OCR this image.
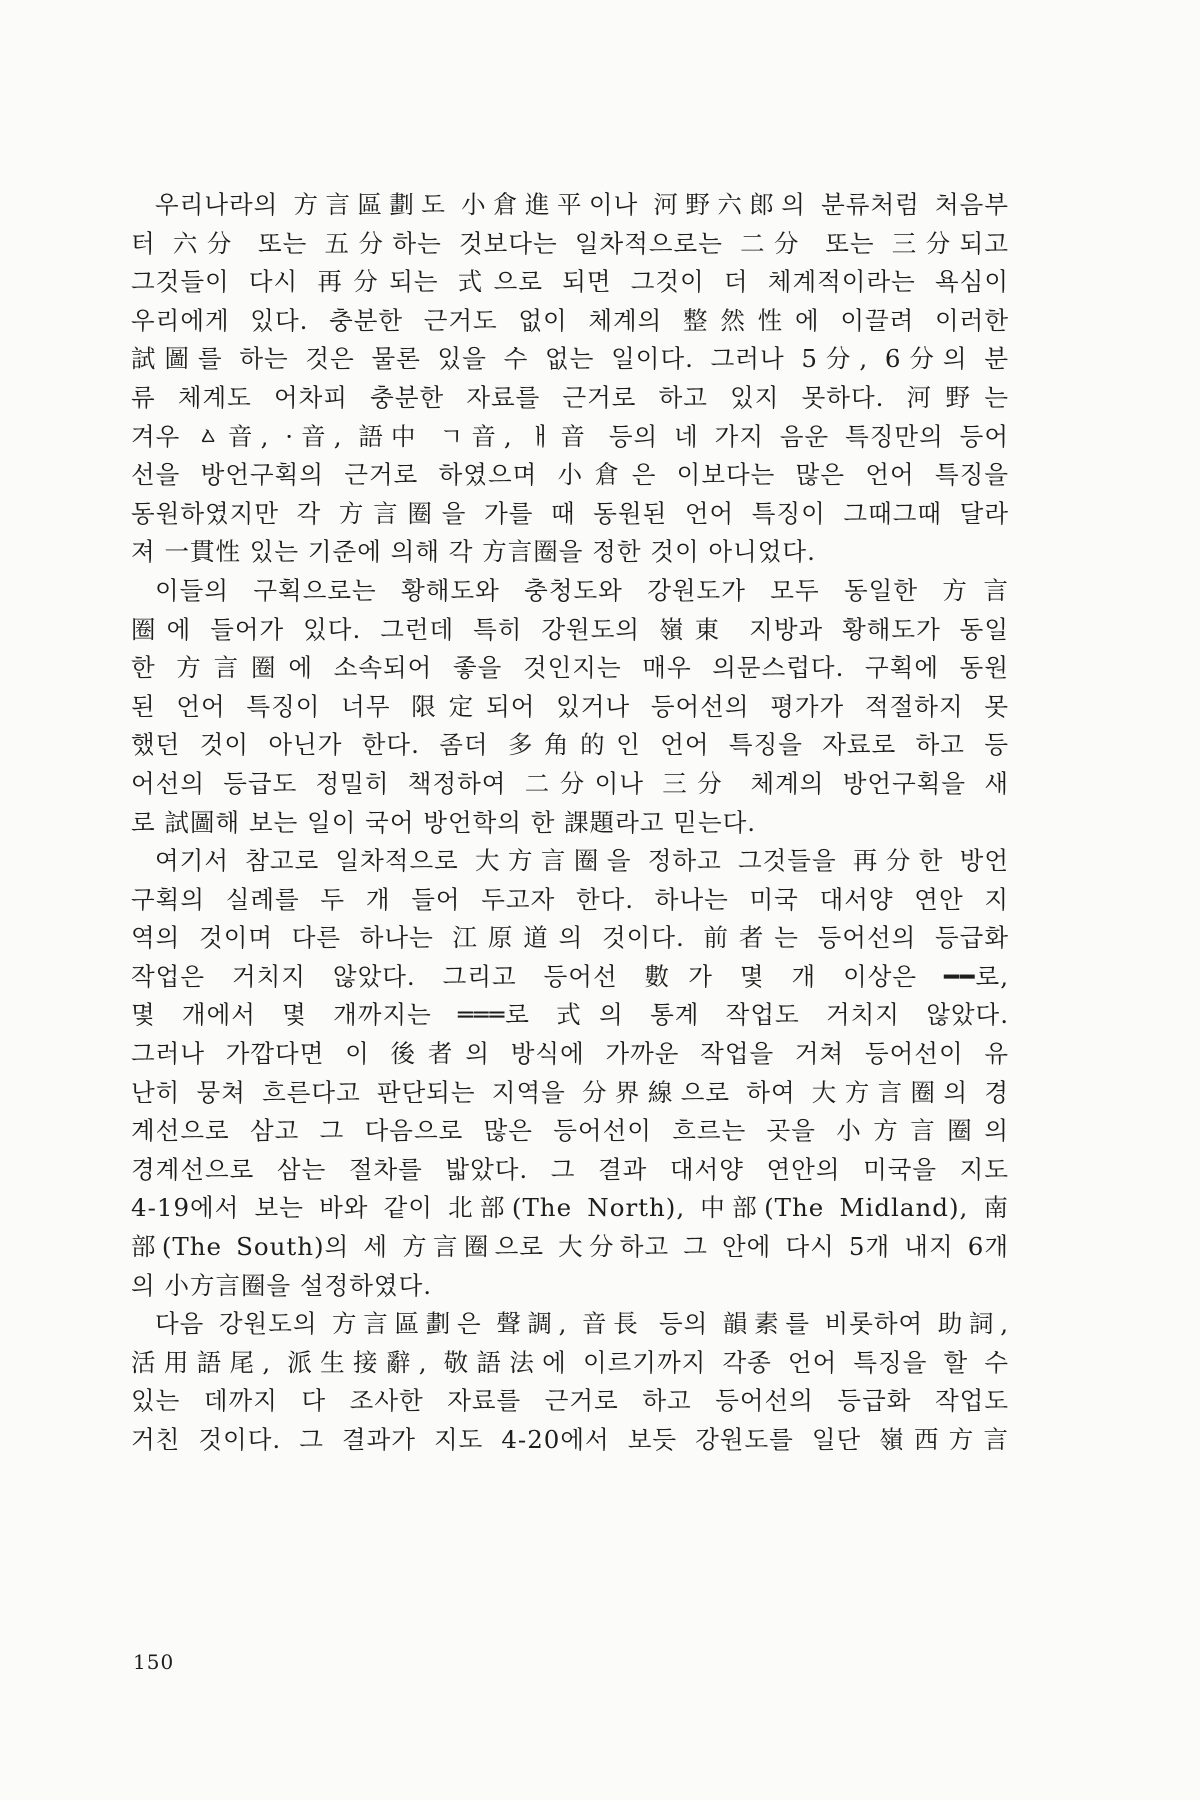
우리나라의 方言區劃도 小倉進平이나 河野六郎의 분류처럼 처음부
터 六分 또는 五分하는 것보다는 일차적으로는 二分 또는 三分되고
그것들이 다시 再分되는 式으로 되면 그것이 더 체계적이라는 욕심이
우리에게 있다. 충분한 근거도 없이 체계의 整然性에 이끌려 이러한
試圖를 하는 것은 물론 있을 수 없는 일이다. 그러나 5分, 6分의 분
류 체계도 어차피 충분한 자료를 근거로 하고 있지 못하다. 河野는
겨우 ㅿ音, ·音, 語中 ㄱ音, ㅐ音 등의 네 가지 음운 특징만의 등어
선을 방언구획의 근거로 하였으며 小倉은 이보다는 많은 언어 특징을
동원하였지만 각 方言圈을 가를 때 동원된 언어 특징이 그때그때 달라
져 一貫性 있는 기준에 의해 각 方言圈을 정한 것이 아니었다.
이들의 구획으로는 황해도와 충청도와 강원도가 모두 동일한 方言
圈에 들어가 있다. 그런데 특히 강원도의 嶺東 지방과 황해도가 동일
한 方言圈에 소속되어 좋을 것인지는 매우 의문스럽다. 구획에 동원
된 언어 특징이 너무 限定되어 있거나 등어선의 평가가 적절하지 못
했던 것이 아닌가 한다. 좀더 多角的인 언어 특징을 자료로 하고 등
어선의 등급도 정밀히 책정하여 二分이나 三分 체계의 방언구획을 새
로 試圖해 보는 일이 국어 방언학의 한 課題라고 믿는다.
여기서 참고로 일차적으로 大方言圈을 정하고 그것들을 再分한 방언
구획의 실례를 두 개 들어 두고자 한다. 하나는 미국 대서양 연안 지
역의 것이며 다른 하나는 江原道의 것이다. 前者는 등어선의 등급화
작업은 거치지 않았다. 그리고 등어선 數가 몇 개 이상은 ━━로,
몇 개에서 몇 개까지는 ═══로 式의 통계 작업도 거치지 않았다.
그러나 가깝다면 이 後者의 방식에 가까운 작업을 거쳐 등어선이 유
난히 뭉쳐 흐른다고 판단되는 지역을 分界線으로 하여 大方言圈의 경
계선으로 삼고 그 다음으로 많은 등어선이 흐르는 곳을 小方言圈의
경계선으로 삼는 절차를 밟았다. 그 결과 대서양 연안의 미국을 지도
4-19에서 보는 바와 같이 北部(The North), 中部(The Midland), 南
部(The South)의 세 方言圈으로 大分하고 그 안에 다시 5개 내지 6개
의 小方言圈을 설정하였다.
다음 강원도의 方言區劃은 聲調, 音長 등의 韻素를 비롯하여 助詞,
活用語尾, 派生接辭, 敬語法에 이르기까지 각종 언어 특징을 할 수
있는 데까지 다 조사한 자료를 근거로 하고 등어선의 등급화 작업도
거친 것이다. 그 결과가 지도 4-20에서 보듯 강원도를 일단 嶺西方言
150
